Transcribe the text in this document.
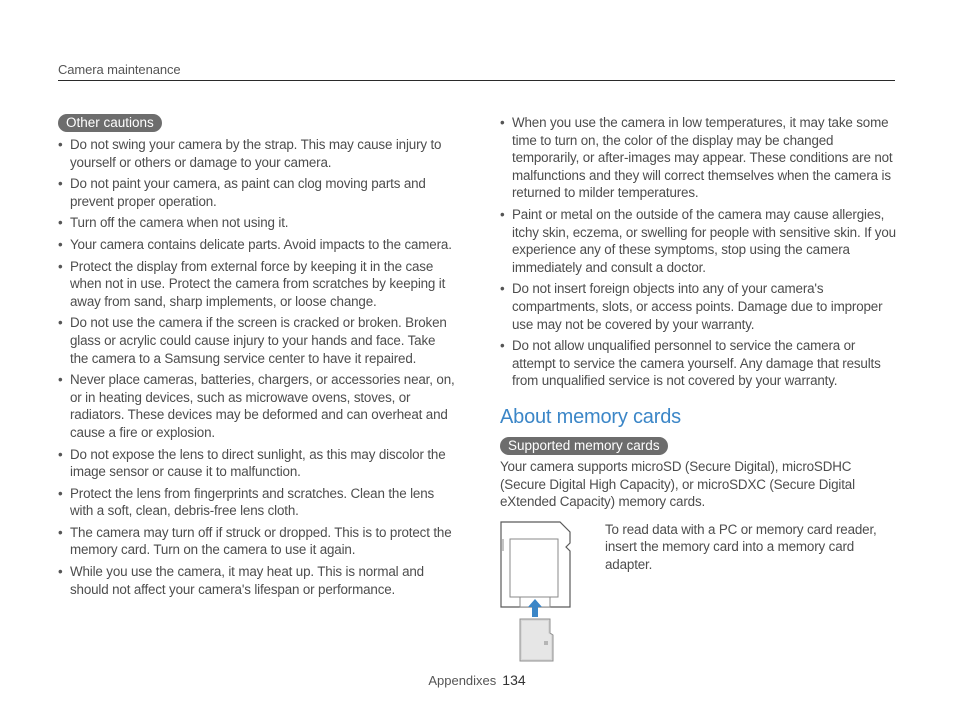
Camera maintenance
Other cautions
• Do not swing your camera by the strap. This may cause injury to yourself or others or damage to your camera.
• Do not paint your camera, as paint can clog moving parts and prevent proper operation.
• Turn off the camera when not using it.
• Your camera contains delicate parts. Avoid impacts to the camera.
• Protect the display from external force by keeping it in the case when not in use. Protect the camera from scratches by keeping it away from sand, sharp implements, or loose change.
• Do not use the camera if the screen is cracked or broken. Broken glass or acrylic could cause injury to your hands and face. Take the camera to a Samsung service center to have it repaired.
• Never place cameras, batteries, chargers, or accessories near, on, or in heating devices, such as microwave ovens, stoves, or radiators. These devices may be deformed and can overheat and cause a fire or explosion.
• Do not expose the lens to direct sunlight, as this may discolor the image sensor or cause it to malfunction.
• Protect the lens from fingerprints and scratches. Clean the lens with a soft, clean, debris-free lens cloth.
• The camera may turn off if struck or dropped. This is to protect the memory card. Turn on the camera to use it again.
• While you use the camera, it may heat up. This is normal and should not affect your camera's lifespan or performance.
• When you use the camera in low temperatures, it may take some time to turn on, the color of the display may be changed temporarily, or after-images may appear. These conditions are not malfunctions and they will correct themselves when the camera is returned to milder temperatures.
• Paint or metal on the outside of the camera may cause allergies, itchy skin, eczema, or swelling for people with sensitive skin. If you experience any of these symptoms, stop using the camera immediately and consult a doctor.
• Do not insert foreign objects into any of your camera's compartments, slots, or access points. Damage due to improper use may not be covered by your warranty.
• Do not allow unqualified personnel to service the camera or attempt to service the camera yourself. Any damage that results from unqualified service is not covered by your warranty.
About memory cards
Supported memory cards
Your camera supports microSD (Secure Digital), microSDHC (Secure Digital High Capacity), or microSDXC (Secure Digital eXtended Capacity) memory cards.
To read data with a PC or memory card reader, insert the memory card into a memory card adapter.
Appendixes 134
